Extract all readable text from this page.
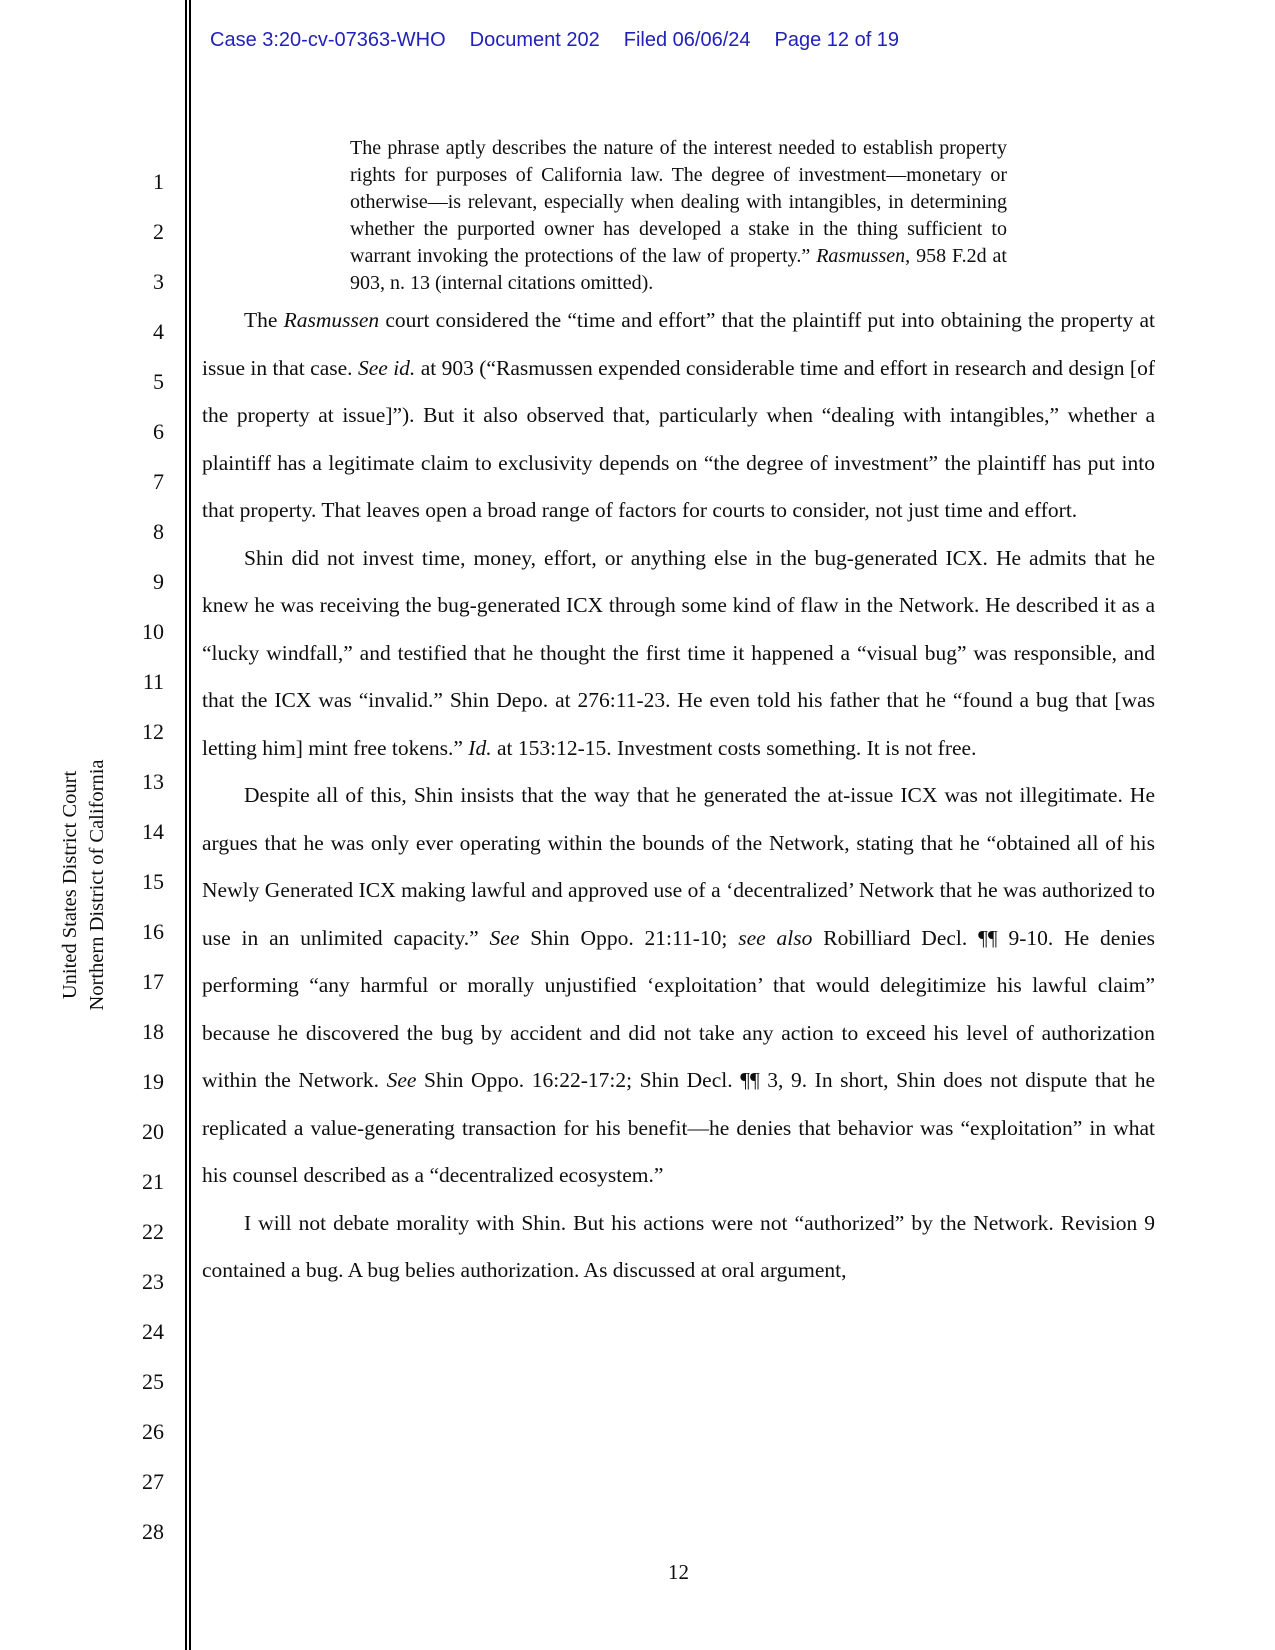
Case 3:20-cv-07363-WHO Document 202 Filed 06/06/24 Page 12 of 19
1
2
3
4
5
6
7
8
9
10
11
12
13
14
15
16
17
18
19
20
21
22
23
24
25
26
27
28
United States District Court Northern District of California
The phrase aptly describes the nature of the interest needed to establish property rights for purposes of California law. The degree of investment—monetary or otherwise—is relevant, especially when dealing with intangibles, in determining whether the purported owner has developed a stake in the thing sufficient to warrant invoking the protections of the law of property.” Rasmussen, 958 F.2d at 903, n. 13 (internal citations omitted).

The Rasmussen court considered the “time and effort” that the plaintiff put into obtaining the property at issue in that case. See id. at 903 (“Rasmussen expended considerable time and effort in research and design [of the property at issue]”). But it also observed that, particularly when “dealing with intangibles,” whether a plaintiff has a legitimate claim to exclusivity depends on “the degree of investment” the plaintiff has put into that property. That leaves open a broad range of factors for courts to consider, not just time and effort.

Shin did not invest time, money, effort, or anything else in the bug-generated ICX. He admits that he knew he was receiving the bug-generated ICX through some kind of flaw in the Network. He described it as a “lucky windfall,” and testified that he thought the first time it happened a “visual bug” was responsible, and that the ICX was “invalid.” Shin Depo. at 276:11-23. He even told his father that he “found a bug that [was letting him] mint free tokens.” Id. at 153:12-15. Investment costs something. It is not free.

Despite all of this, Shin insists that the way that he generated the at-issue ICX was not illegitimate. He argues that he was only ever operating within the bounds of the Network, stating that he “obtained all of his Newly Generated ICX making lawful and approved use of a ‘decentralized’ Network that he was authorized to use in an unlimited capacity.” See Shin Oppo. 21:11-10; see also Robilliard Decl. ¶¶ 9-10. He denies performing “any harmful or morally unjustified ‘exploitation’ that would delegitimize his lawful claim” because he discovered the bug by accident and did not take any action to exceed his level of authorization within the Network. See Shin Oppo. 16:22-17:2; Shin Decl. ¶¶ 3, 9. In short, Shin does not dispute that he replicated a value-generating transaction for his benefit—he denies that behavior was “exploitation” in what his counsel described as a “decentralized ecosystem.”

I will not debate morality with Shin. But his actions were not “authorized” by the Network. Revision 9 contained a bug. A bug belies authorization. As discussed at oral argument,

12
